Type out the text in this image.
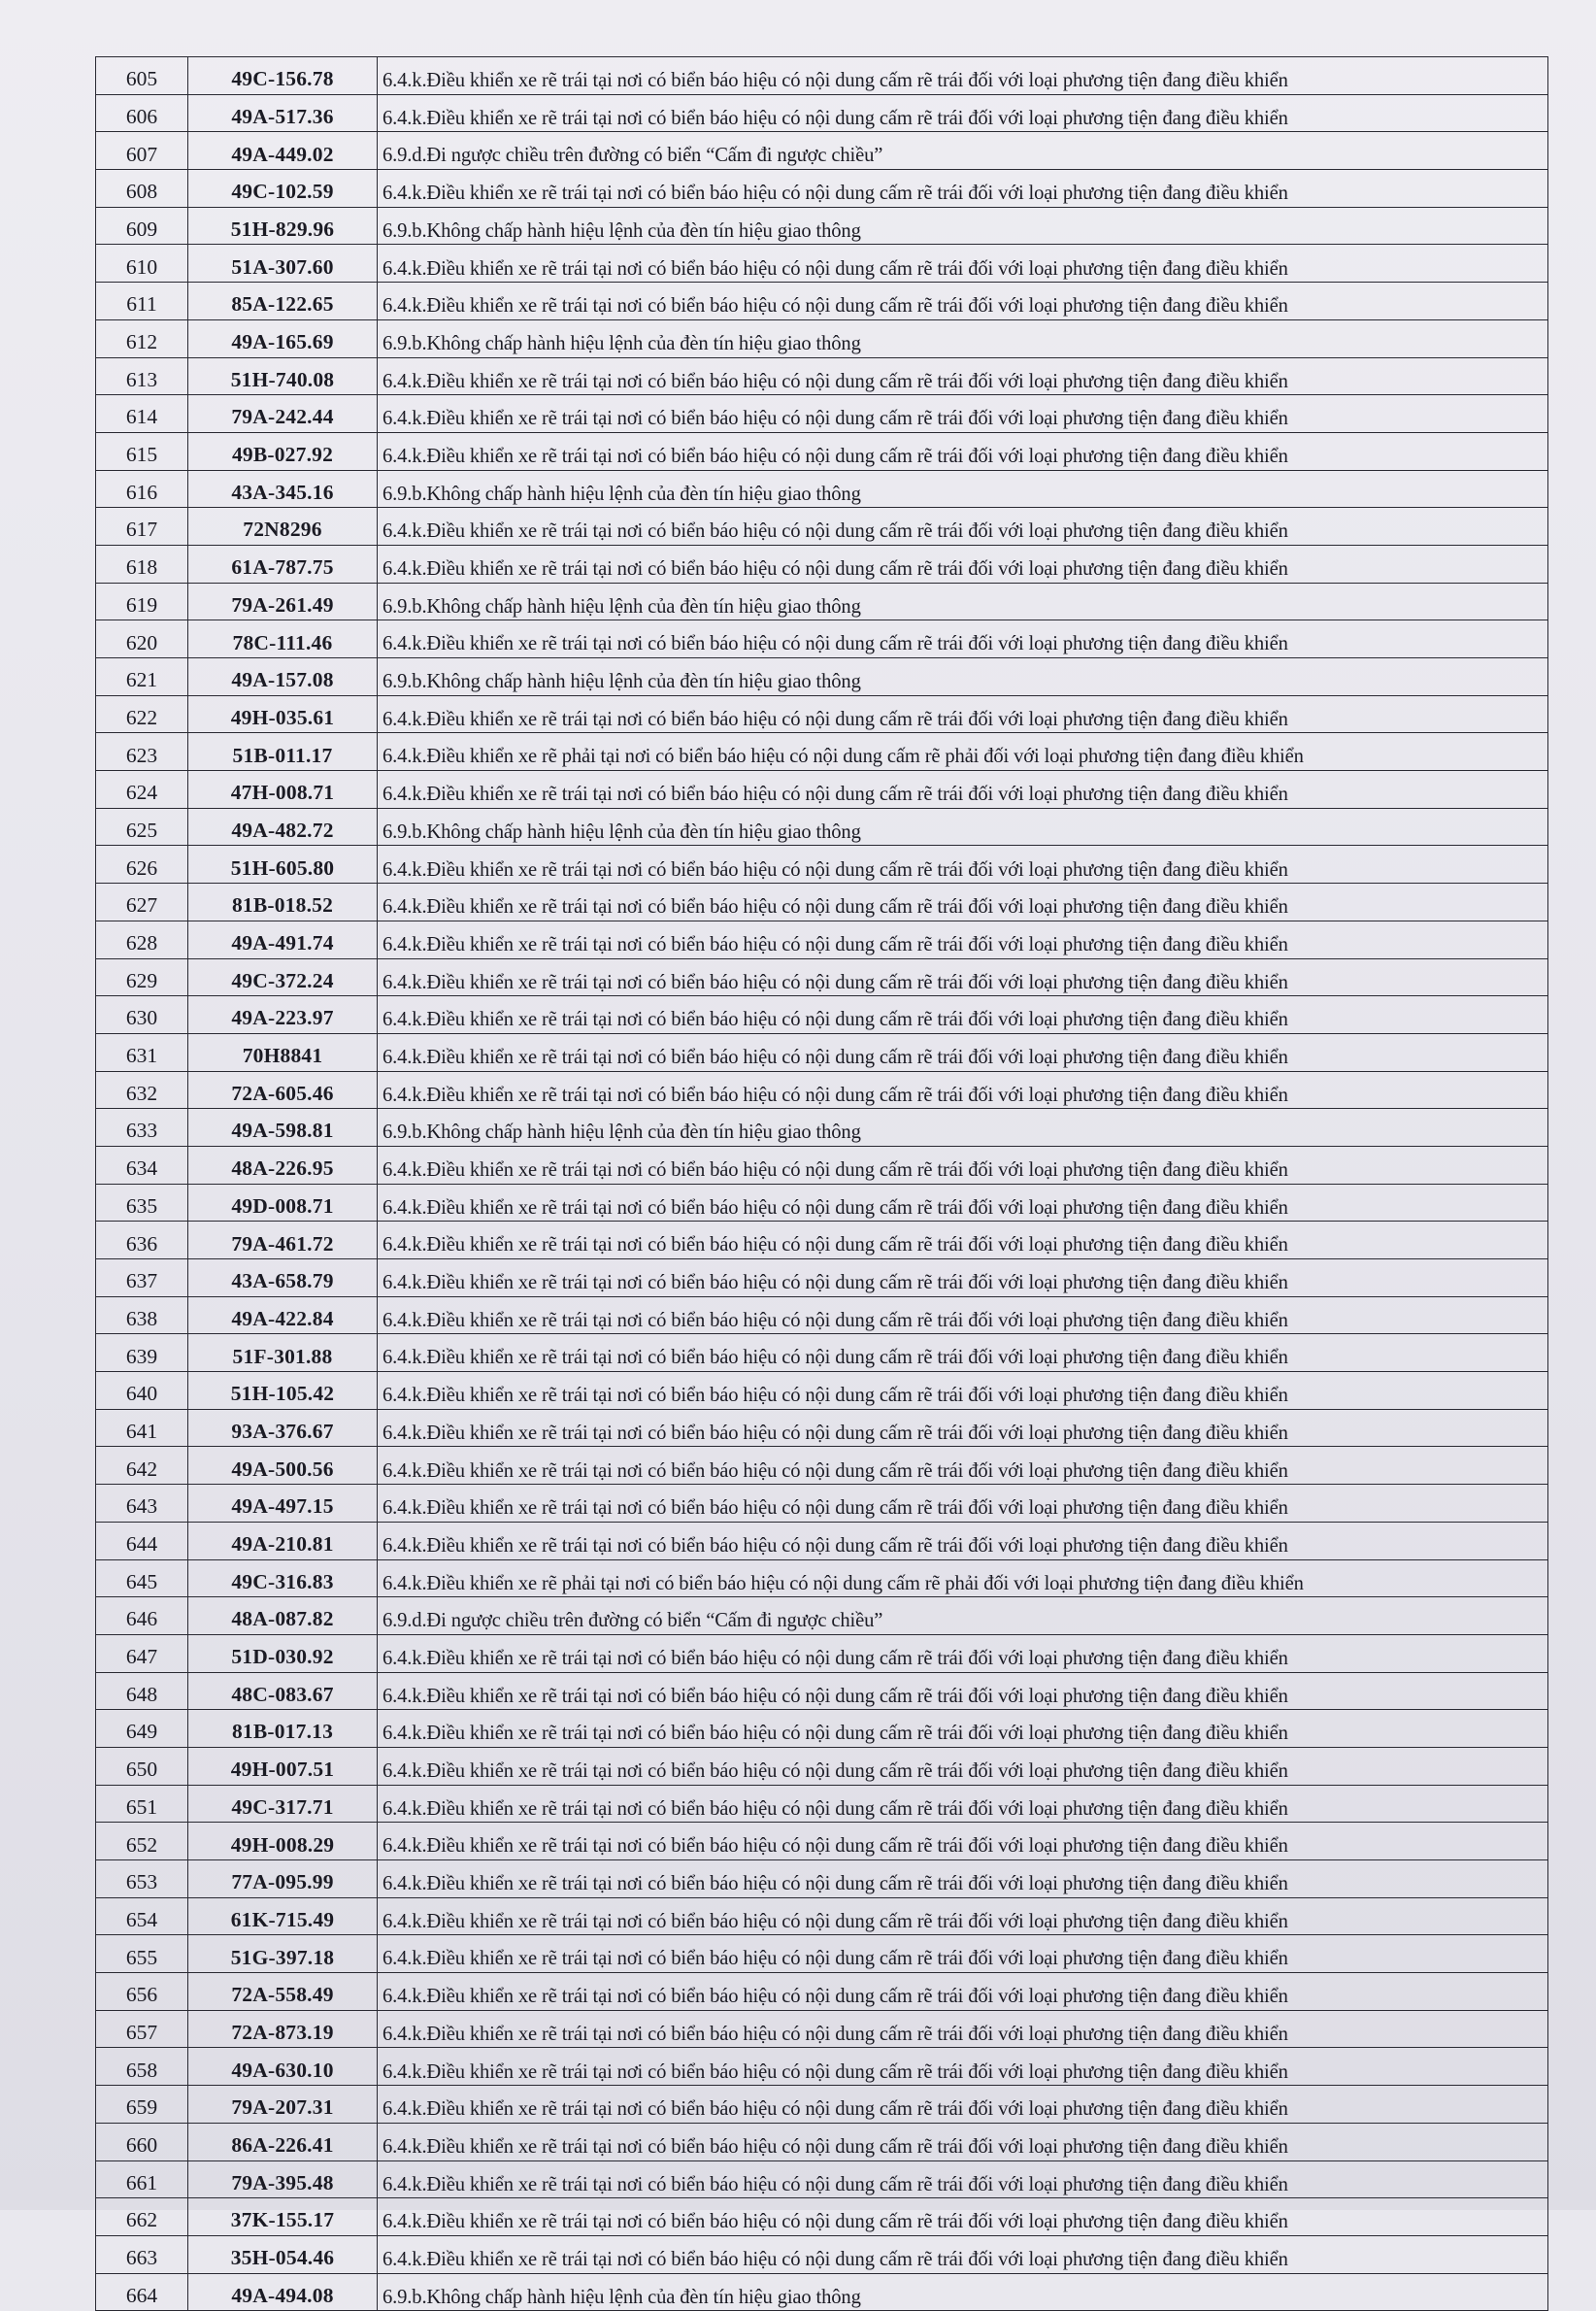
605	49C-156.78	6.4.k.Điều khiển xe rẽ trái tại nơi có biển báo hiệu có nội dung cấm rẽ trái đối với loại phương tiện đang điều khiển
606	49A-517.36	6.4.k.Điều khiển xe rẽ trái tại nơi có biển báo hiệu có nội dung cấm rẽ trái đối với loại phương tiện đang điều khiển
607	49A-449.02	6.9.d.Đi ngược chiều trên đường có biển “Cấm đi ngược chiều”
608	49C-102.59	6.4.k.Điều khiển xe rẽ trái tại nơi có biển báo hiệu có nội dung cấm rẽ trái đối với loại phương tiện đang điều khiển
609	51H-829.96	6.9.b.Không chấp hành hiệu lệnh của đèn tín hiệu giao thông
610	51A-307.60	6.4.k.Điều khiển xe rẽ trái tại nơi có biển báo hiệu có nội dung cấm rẽ trái đối với loại phương tiện đang điều khiển
611	85A-122.65	6.4.k.Điều khiển xe rẽ trái tại nơi có biển báo hiệu có nội dung cấm rẽ trái đối với loại phương tiện đang điều khiển
612	49A-165.69	6.9.b.Không chấp hành hiệu lệnh của đèn tín hiệu giao thông
613	51H-740.08	6.4.k.Điều khiển xe rẽ trái tại nơi có biển báo hiệu có nội dung cấm rẽ trái đối với loại phương tiện đang điều khiển
614	79A-242.44	6.4.k.Điều khiển xe rẽ trái tại nơi có biển báo hiệu có nội dung cấm rẽ trái đối với loại phương tiện đang điều khiển
615	49B-027.92	6.4.k.Điều khiển xe rẽ trái tại nơi có biển báo hiệu có nội dung cấm rẽ trái đối với loại phương tiện đang điều khiển
616	43A-345.16	6.9.b.Không chấp hành hiệu lệnh của đèn tín hiệu giao thông
617	72N8296	6.4.k.Điều khiển xe rẽ trái tại nơi có biển báo hiệu có nội dung cấm rẽ trái đối với loại phương tiện đang điều khiển
618	61A-787.75	6.4.k.Điều khiển xe rẽ trái tại nơi có biển báo hiệu có nội dung cấm rẽ trái đối với loại phương tiện đang điều khiển
619	79A-261.49	6.9.b.Không chấp hành hiệu lệnh của đèn tín hiệu giao thông
620	78C-111.46	6.4.k.Điều khiển xe rẽ trái tại nơi có biển báo hiệu có nội dung cấm rẽ trái đối với loại phương tiện đang điều khiển
621	49A-157.08	6.9.b.Không chấp hành hiệu lệnh của đèn tín hiệu giao thông
622	49H-035.61	6.4.k.Điều khiển xe rẽ trái tại nơi có biển báo hiệu có nội dung cấm rẽ trái đối với loại phương tiện đang điều khiển
623	51B-011.17	6.4.k.Điều khiển xe rẽ phải tại nơi có biển báo hiệu có nội dung cấm rẽ phải đối với loại phương tiện đang điều khiển
624	47H-008.71	6.4.k.Điều khiển xe rẽ trái tại nơi có biển báo hiệu có nội dung cấm rẽ trái đối với loại phương tiện đang điều khiển
625	49A-482.72	6.9.b.Không chấp hành hiệu lệnh của đèn tín hiệu giao thông
626	51H-605.80	6.4.k.Điều khiển xe rẽ trái tại nơi có biển báo hiệu có nội dung cấm rẽ trái đối với loại phương tiện đang điều khiển
627	81B-018.52	6.4.k.Điều khiển xe rẽ trái tại nơi có biển báo hiệu có nội dung cấm rẽ trái đối với loại phương tiện đang điều khiển
628	49A-491.74	6.4.k.Điều khiển xe rẽ trái tại nơi có biển báo hiệu có nội dung cấm rẽ trái đối với loại phương tiện đang điều khiển
629	49C-372.24	6.4.k.Điều khiển xe rẽ trái tại nơi có biển báo hiệu có nội dung cấm rẽ trái đối với loại phương tiện đang điều khiển
630	49A-223.97	6.4.k.Điều khiển xe rẽ trái tại nơi có biển báo hiệu có nội dung cấm rẽ trái đối với loại phương tiện đang điều khiển
631	70H8841	6.4.k.Điều khiển xe rẽ trái tại nơi có biển báo hiệu có nội dung cấm rẽ trái đối với loại phương tiện đang điều khiển
632	72A-605.46	6.4.k.Điều khiển xe rẽ trái tại nơi có biển báo hiệu có nội dung cấm rẽ trái đối với loại phương tiện đang điều khiển
633	49A-598.81	6.9.b.Không chấp hành hiệu lệnh của đèn tín hiệu giao thông
634	48A-226.95	6.4.k.Điều khiển xe rẽ trái tại nơi có biển báo hiệu có nội dung cấm rẽ trái đối với loại phương tiện đang điều khiển
635	49D-008.71	6.4.k.Điều khiển xe rẽ trái tại nơi có biển báo hiệu có nội dung cấm rẽ trái đối với loại phương tiện đang điều khiển
636	79A-461.72	6.4.k.Điều khiển xe rẽ trái tại nơi có biển báo hiệu có nội dung cấm rẽ trái đối với loại phương tiện đang điều khiển
637	43A-658.79	6.4.k.Điều khiển xe rẽ trái tại nơi có biển báo hiệu có nội dung cấm rẽ trái đối với loại phương tiện đang điều khiển
638	49A-422.84	6.4.k.Điều khiển xe rẽ trái tại nơi có biển báo hiệu có nội dung cấm rẽ trái đối với loại phương tiện đang điều khiển
639	51F-301.88	6.4.k.Điều khiển xe rẽ trái tại nơi có biển báo hiệu có nội dung cấm rẽ trái đối với loại phương tiện đang điều khiển
640	51H-105.42	6.4.k.Điều khiển xe rẽ trái tại nơi có biển báo hiệu có nội dung cấm rẽ trái đối với loại phương tiện đang điều khiển
641	93A-376.67	6.4.k.Điều khiển xe rẽ trái tại nơi có biển báo hiệu có nội dung cấm rẽ trái đối với loại phương tiện đang điều khiển
642	49A-500.56	6.4.k.Điều khiển xe rẽ trái tại nơi có biển báo hiệu có nội dung cấm rẽ trái đối với loại phương tiện đang điều khiển
643	49A-497.15	6.4.k.Điều khiển xe rẽ trái tại nơi có biển báo hiệu có nội dung cấm rẽ trái đối với loại phương tiện đang điều khiển
644	49A-210.81	6.4.k.Điều khiển xe rẽ trái tại nơi có biển báo hiệu có nội dung cấm rẽ trái đối với loại phương tiện đang điều khiển
645	49C-316.83	6.4.k.Điều khiển xe rẽ phải tại nơi có biển báo hiệu có nội dung cấm rẽ phải đối với loại phương tiện đang điều khiển
646	48A-087.82	6.9.d.Đi ngược chiều trên đường có biển “Cấm đi ngược chiều”
647	51D-030.92	6.4.k.Điều khiển xe rẽ trái tại nơi có biển báo hiệu có nội dung cấm rẽ trái đối với loại phương tiện đang điều khiển
648	48C-083.67	6.4.k.Điều khiển xe rẽ trái tại nơi có biển báo hiệu có nội dung cấm rẽ trái đối với loại phương tiện đang điều khiển
649	81B-017.13	6.4.k.Điều khiển xe rẽ trái tại nơi có biển báo hiệu có nội dung cấm rẽ trái đối với loại phương tiện đang điều khiển
650	49H-007.51	6.4.k.Điều khiển xe rẽ trái tại nơi có biển báo hiệu có nội dung cấm rẽ trái đối với loại phương tiện đang điều khiển
651	49C-317.71	6.4.k.Điều khiển xe rẽ trái tại nơi có biển báo hiệu có nội dung cấm rẽ trái đối với loại phương tiện đang điều khiển
652	49H-008.29	6.4.k.Điều khiển xe rẽ trái tại nơi có biển báo hiệu có nội dung cấm rẽ trái đối với loại phương tiện đang điều khiển
653	77A-095.99	6.4.k.Điều khiển xe rẽ trái tại nơi có biển báo hiệu có nội dung cấm rẽ trái đối với loại phương tiện đang điều khiển
654	61K-715.49	6.4.k.Điều khiển xe rẽ trái tại nơi có biển báo hiệu có nội dung cấm rẽ trái đối với loại phương tiện đang điều khiển
655	51G-397.18	6.4.k.Điều khiển xe rẽ trái tại nơi có biển báo hiệu có nội dung cấm rẽ trái đối với loại phương tiện đang điều khiển
656	72A-558.49	6.4.k.Điều khiển xe rẽ trái tại nơi có biển báo hiệu có nội dung cấm rẽ trái đối với loại phương tiện đang điều khiển
657	72A-873.19	6.4.k.Điều khiển xe rẽ trái tại nơi có biển báo hiệu có nội dung cấm rẽ trái đối với loại phương tiện đang điều khiển
658	49A-630.10	6.4.k.Điều khiển xe rẽ trái tại nơi có biển báo hiệu có nội dung cấm rẽ trái đối với loại phương tiện đang điều khiển
659	79A-207.31	6.4.k.Điều khiển xe rẽ trái tại nơi có biển báo hiệu có nội dung cấm rẽ trái đối với loại phương tiện đang điều khiển
660	86A-226.41	6.4.k.Điều khiển xe rẽ trái tại nơi có biển báo hiệu có nội dung cấm rẽ trái đối với loại phương tiện đang điều khiển
661	79A-395.48	6.4.k.Điều khiển xe rẽ trái tại nơi có biển báo hiệu có nội dung cấm rẽ trái đối với loại phương tiện đang điều khiển
662	37K-155.17	6.4.k.Điều khiển xe rẽ trái tại nơi có biển báo hiệu có nội dung cấm rẽ trái đối với loại phương tiện đang điều khiển
663	35H-054.46	6.4.k.Điều khiển xe rẽ trái tại nơi có biển báo hiệu có nội dung cấm rẽ trái đối với loại phương tiện đang điều khiển
664	49A-494.08	6.9.b.Không chấp hành hiệu lệnh của đèn tín hiệu giao thông
